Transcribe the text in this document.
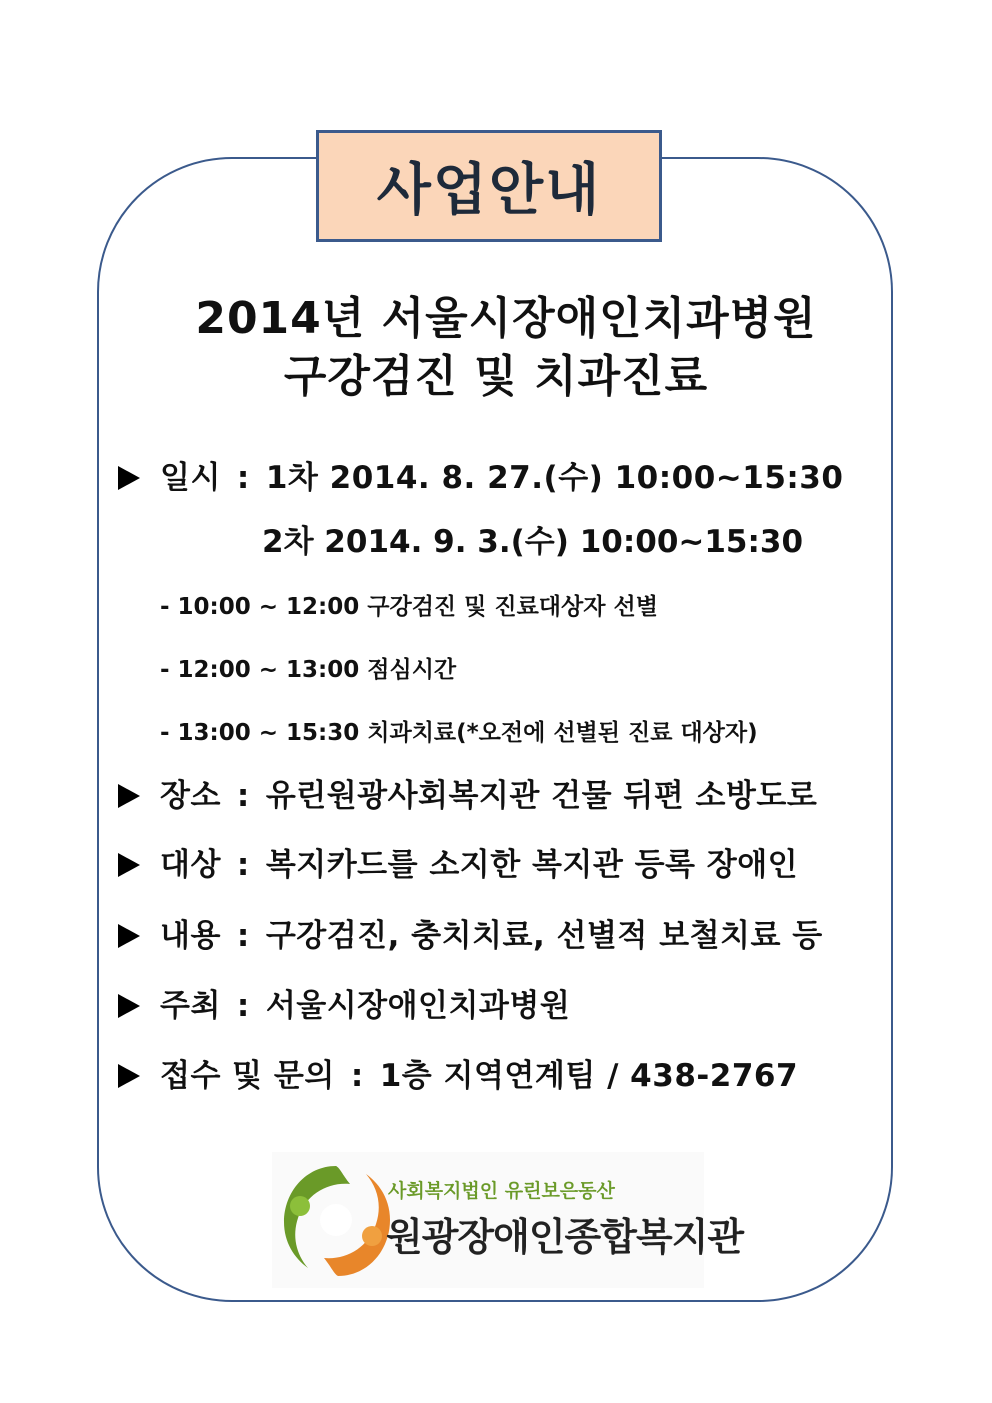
사업안내
2014년 서울시장애인치과병원
구강검진 및 치과진료
일시 : 1차 2014. 8. 27.(수) 10:00~15:30
2차 2014. 9. 3.(수) 10:00~15:30
- 10:00 ~ 12:00 구강검진 및 진료대상자 선별
- 12:00 ~ 13:00 점심시간
- 13:00 ~ 15:30 치과치료(*오전에 선별된 진료 대상자)
장소 : 유린원광사회복지관 건물 뒤편 소방도로
대상 : 복지카드를 소지한 복지관 등록 장애인
내용 : 구강검진, 충치치료, 선별적 보철치료 등
주최 : 서울시장애인치과병원
접수 및 문의 : 1층 지역연계팀 / 438-2767
사회복지법인 유린보은동산
원광장애인종합복지관
